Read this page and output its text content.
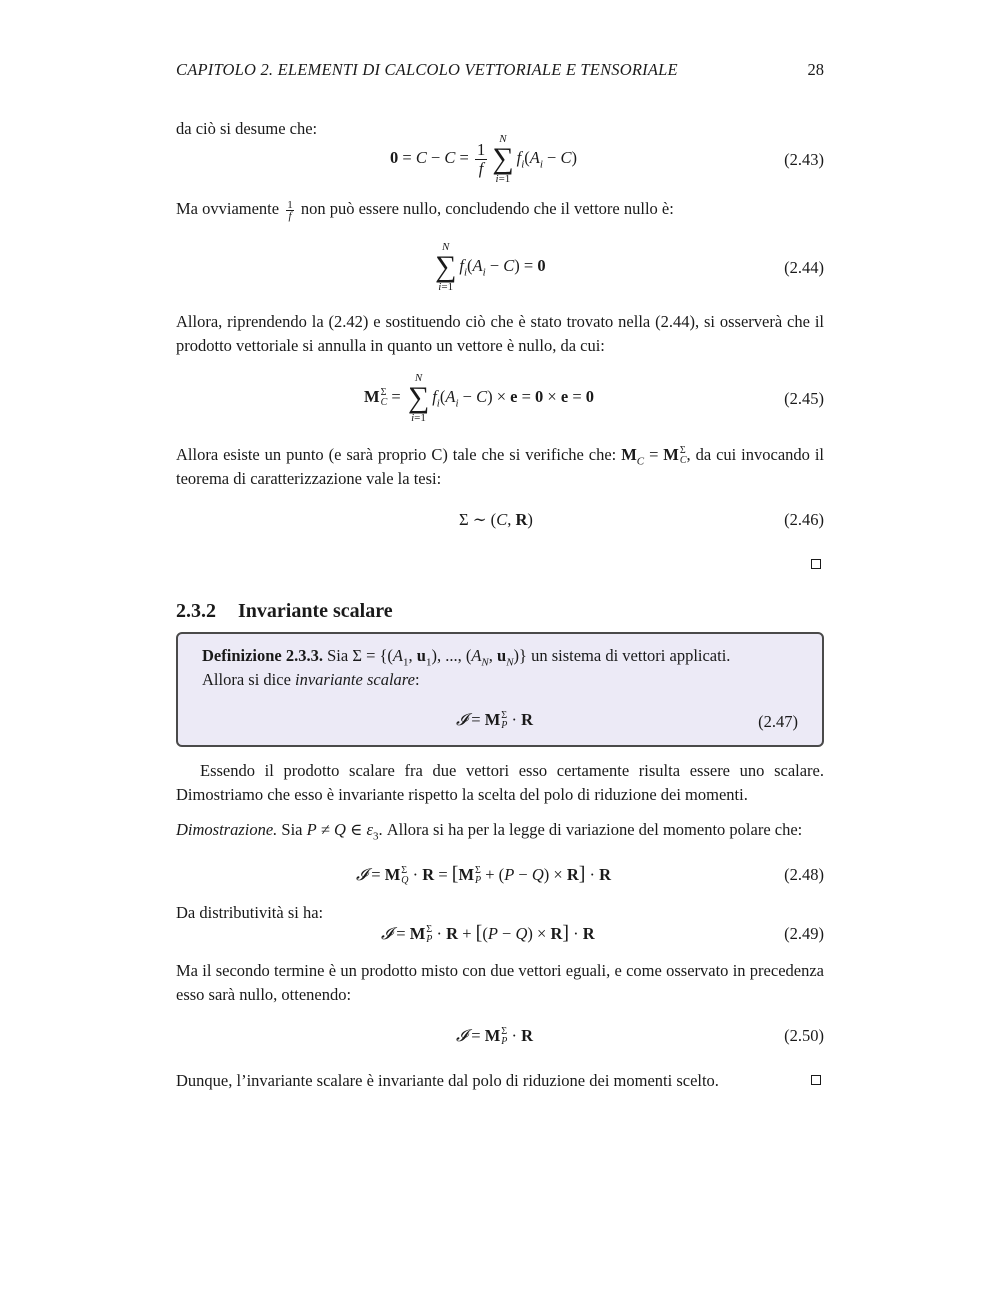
CAPITOLO 2. ELEMENTI DI CALCOLO VETTORIALE E TENSORIALE	28
da ciò si desume che:
$0 = C - C = \frac{1}{f}$
N
∑
i=1
$f_i(A_i - C)$	(2.43)
Ma ovviamente $\frac{1}{f}$ non può essere nullo, concludendo che il vettore nullo è:
N
∑
i=1
$f_i(A_i - C) = 0$	(2.44)
Allora, riprendendo la (2.42) e sostituendo ciò che è stato trovato nella (2.44), si osserverà che il prodotto vettoriale si annulla in quanto un vettore è nullo, da cui:
M Σ
C =
N
∑
i=1
$f_i(A_i - C) \times e = 0 \times e = 0$	(2.45)
Allora esiste un punto (e sarà proprio C) tale che si verifiche che: $M_C = M$ Σ
C , da cui invocando il teorema di caratterizzazione vale la tesi:
Σ ∼ (C, R)	(2.46)
2.3.2 Invariante scalare
Definizione 2.3.3. Sia $\Sigma = \{(A_1$, $u_1$), ..., ($A_N$, $u_N$)} un sistema di vettori applicati.
Allora si dice invariante scalare:
𝓘 = M Σ
P · R	(2.47)
Essendo il prodotto scalare fra due vettori esso certamente risulta essere uno scalare. Dimostriamo che esso è invariante rispetto la scelta del polo di riduzione dei momenti.
Dimostrazione. Sia P ≠ Q ∈ $\varepsilon_3$. Allora si ha per la legge di variazione del momento polare che:
𝓘 = M Σ
Q · R = [M Σ
P + (P − Q) × R] · R	(2.48)
Da distributività si ha:
𝓘 = M Σ
P · R + [(P − Q) × R] · R	(2.49)
Ma il secondo termine è un prodotto misto con due vettori eguali, e come osservato in precedenza esso sarà nullo, ottenendo:
𝓘 = M Σ
P · R	(2.50)
Dunque, l’invariante scalare è invariante dal polo di riduzione dei momenti scelto.
